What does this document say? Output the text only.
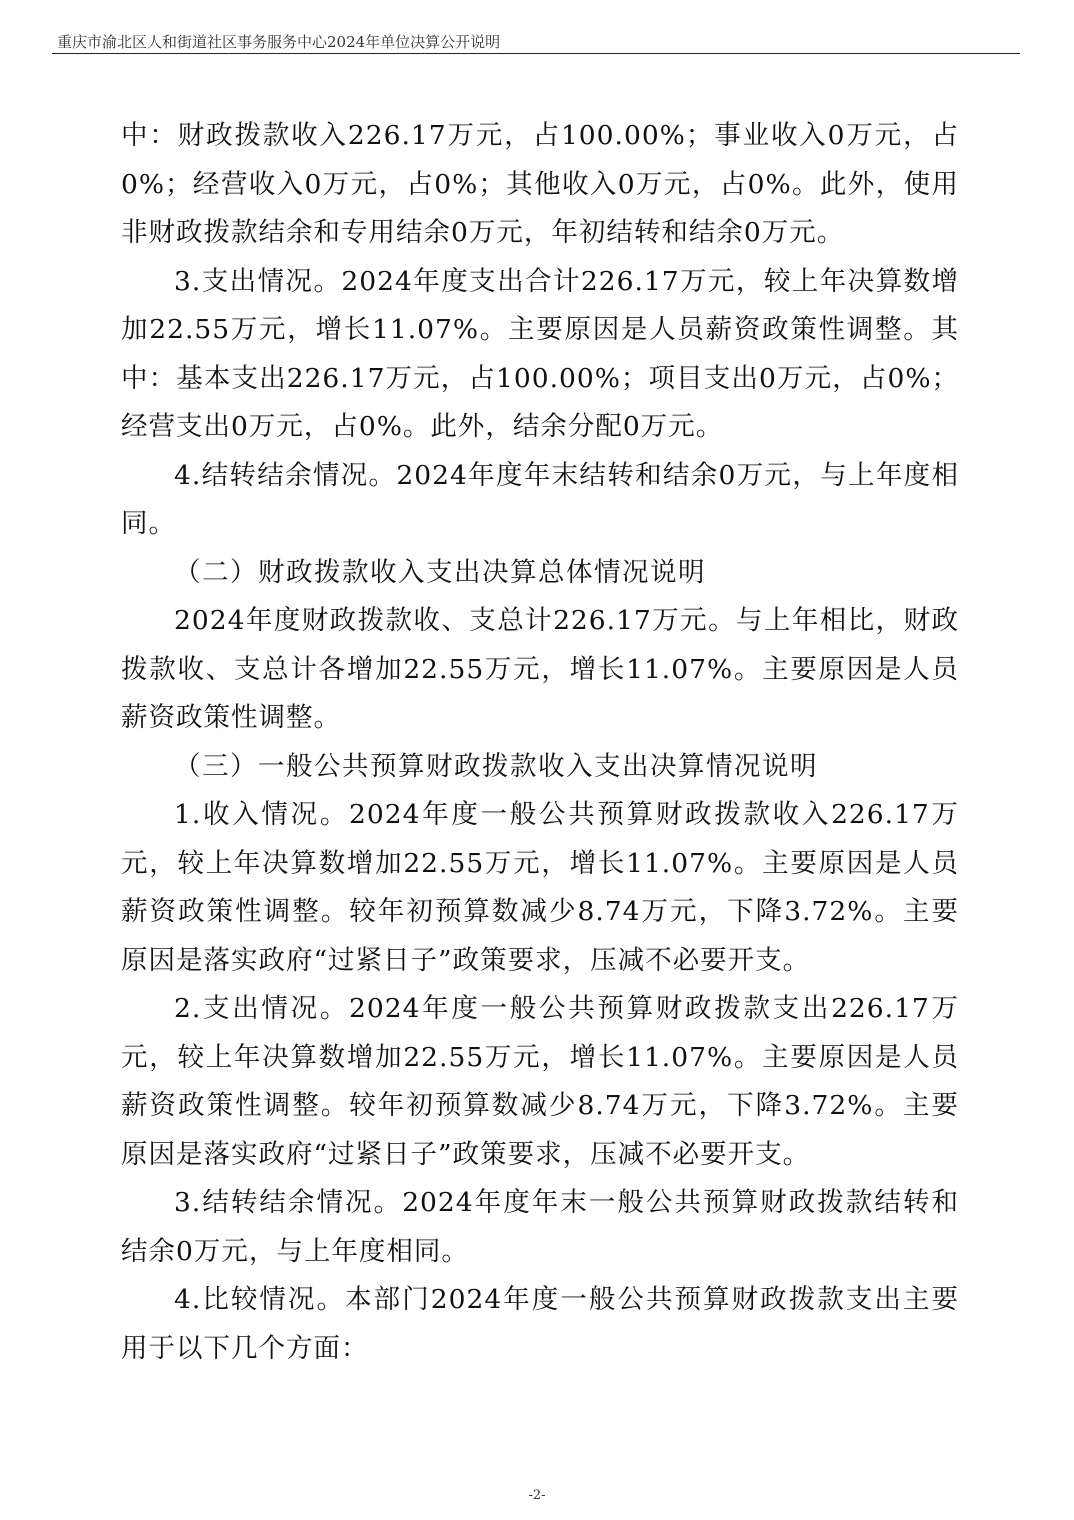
重庆市渝北区人和街道社区事务服务中心2024年单位决算公开说明

中：财政拨款收入226.17万元，占100.00%；事业收入0万元，占0%；经营收入0万元，占0%；其他收入0万元，占0%。此外，使用非财政拨款结余和专用结余0万元，年初结转和结余0万元。

3.支出情况。2024年度支出合计226.17万元，较上年决算数增加22.55万元，增长11.07%。主要原因是人员薪资政策性调整。其中：基本支出226.17万元，占100.00%；项目支出0万元，占0%；经营支出0万元，占0%。此外，结余分配0万元。

4.结转结余情况。2024年度年末结转和结余0万元，与上年度相同。

（二）财政拨款收入支出决算总体情况说明

2024年度财政拨款收、支总计226.17万元。与上年相比，财政拨款收、支总计各增加22.55万元，增长11.07%。主要原因是人员薪资政策性调整。

（三）一般公共预算财政拨款收入支出决算情况说明

1.收入情况。2024年度一般公共预算财政拨款收入226.17万元，较上年决算数增加22.55万元，增长11.07%。主要原因是人员薪资政策性调整。较年初预算数减少8.74万元，下降3.72%。主要原因是落实政府“过紧日子”政策要求，压减不必要开支。

2.支出情况。2024年度一般公共预算财政拨款支出226.17万元，较上年决算数增加22.55万元，增长11.07%。主要原因是人员薪资政策性调整。较年初预算数减少8.74万元，下降3.72%。主要原因是落实政府“过紧日子”政策要求，压减不必要开支。

3.结转结余情况。2024年度年末一般公共预算财政拨款结转和结余0万元，与上年度相同。

4.比较情况。本部门2024年度一般公共预算财政拨款支出主要用于以下几个方面：

-2-
